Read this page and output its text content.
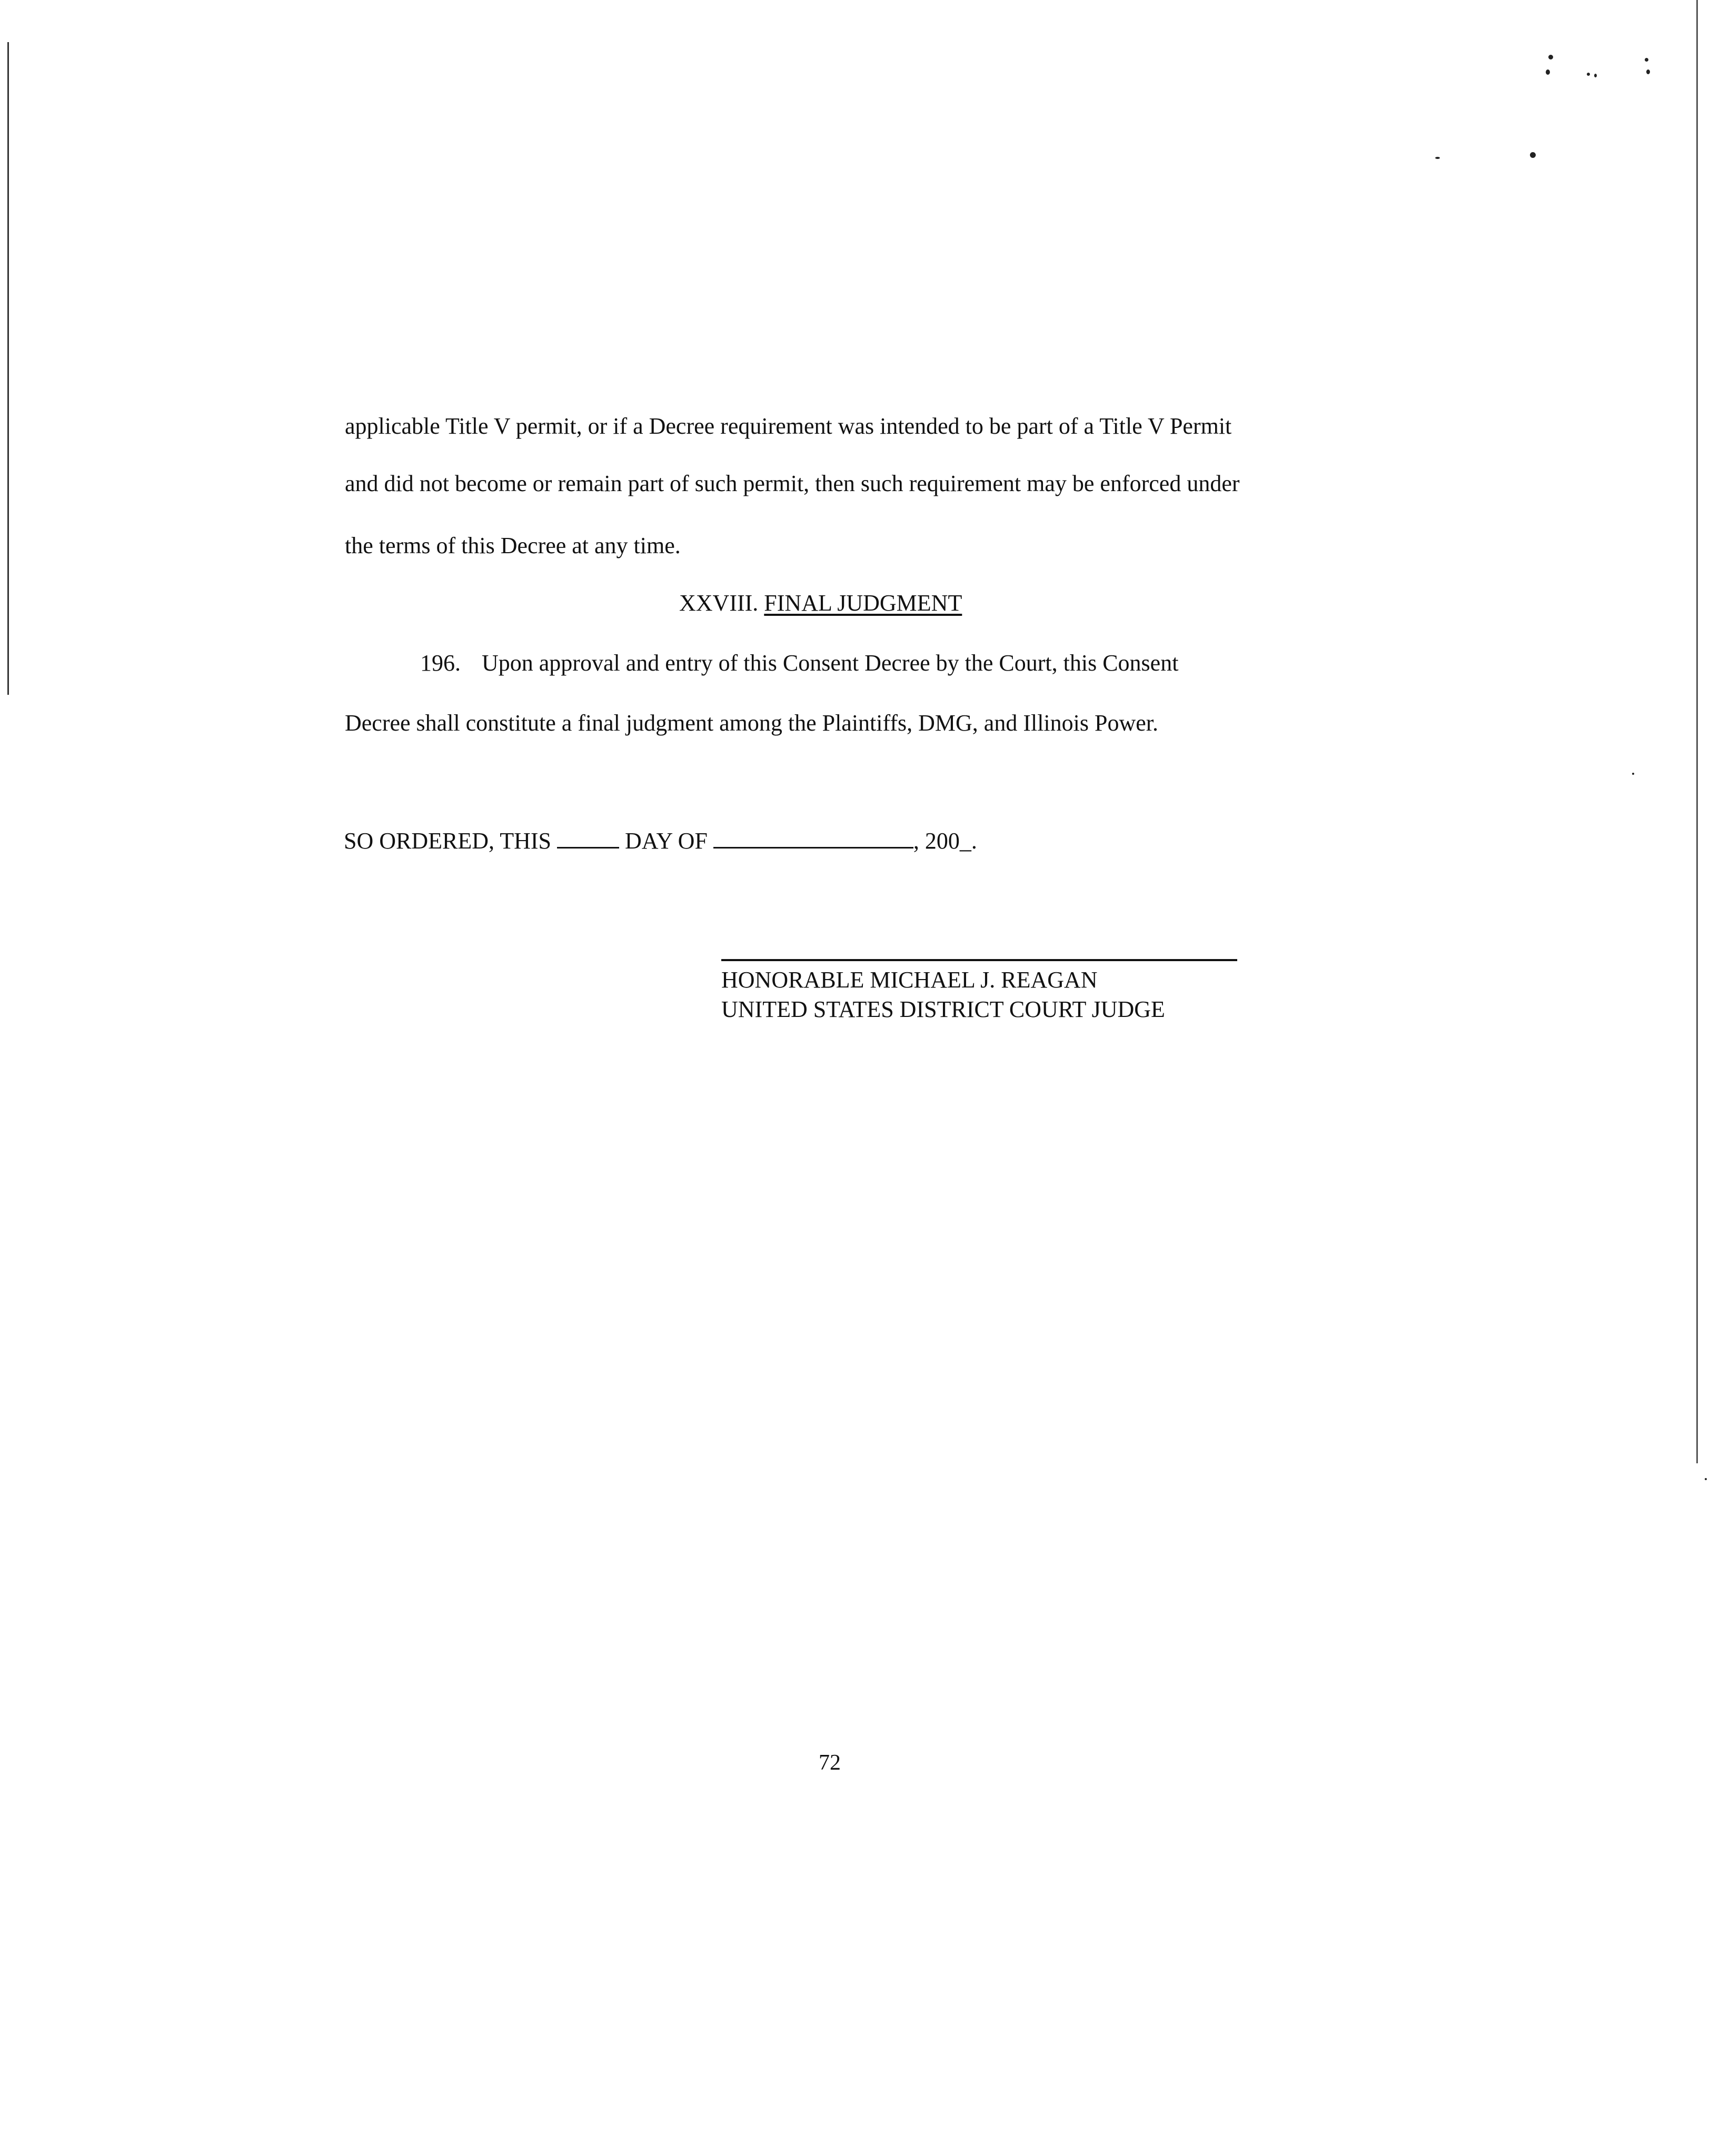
applicable Title V permit, or if a Decree requirement was intended to be part of a Title V Permit
and did not become or remain part of such permit, then such requirement may be enforced under
the terms of this Decree at any time.
XXVIII. FINAL JUDGMENT
196. Upon approval and entry of this Consent Decree by the Court, this Consent
Decree shall constitute a final judgment among the Plaintiffs, DMG, and Illinois Power.
SO ORDERED, THIS	DAY OF	, 200_.
HONORABLE MICHAEL J. REAGAN
UNITED STATES DISTRICT COURT JUDGE
72
